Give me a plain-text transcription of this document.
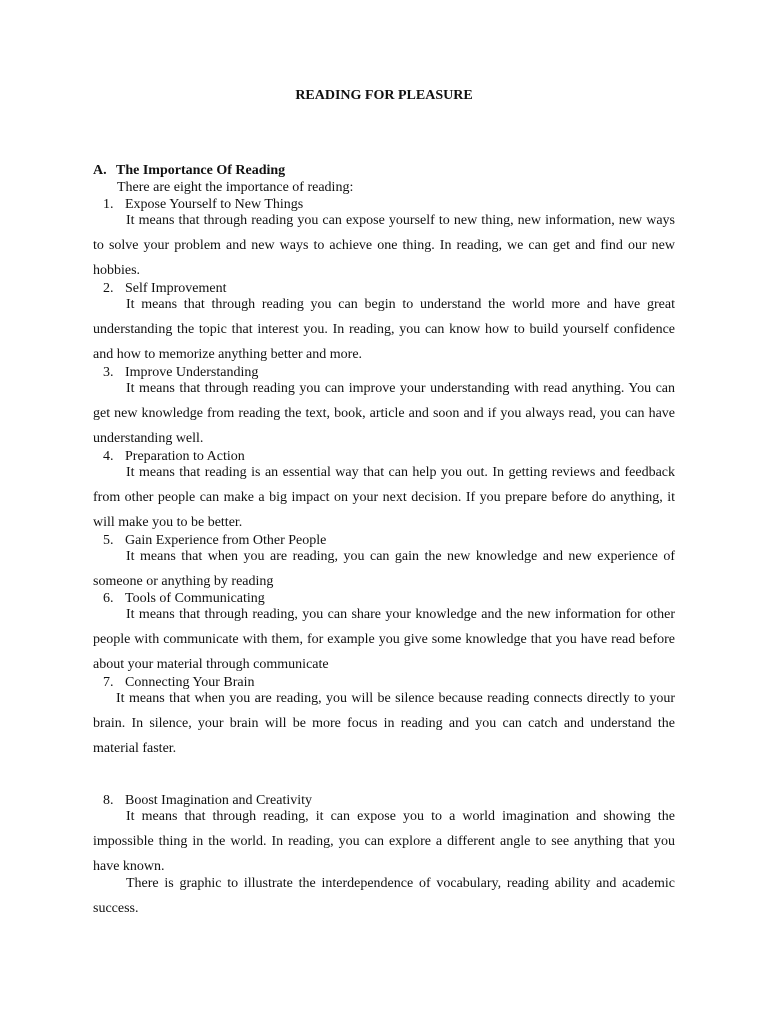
READING FOR PLEASURE
A. The Importance Of Reading
There are eight the importance of reading:
1. Expose Yourself to New Things
It means that through reading you can expose yourself to new thing, new information, new ways to solve your problem and new ways to achieve one thing. In reading, we can get and find our new hobbies.
2. Self Improvement
It means that through reading you can begin to understand the world more and have great understanding the topic that interest you. In reading, you can know how to build yourself confidence and how to memorize anything better and more.
3. Improve Understanding
It means that through reading you can improve your understanding with read anything. You can get new knowledge from reading the text, book, article and soon and if you always read, you can have understanding well.
4. Preparation to Action
It means that reading is an essential way that can help you out. In getting reviews and feedback from other people can make a big impact on your next decision. If you prepare before do anything, it will make you to be better.
5. Gain Experience from Other People
It means that when you are reading, you can gain the new knowledge and new experience of someone or anything by reading
6. Tools of Communicating
It means that through reading, you can share your knowledge and the new information for other people with communicate with them, for example you give some knowledge that you have read before about your material through communicate
7. Connecting Your Brain
It means that when you are reading, you will be silence because reading connects directly to your brain. In silence, your brain will be more focus in reading and you can catch and understand the material faster.
8. Boost Imagination and Creativity
It means that through reading, it can expose you to a world imagination and showing the impossible thing in the world. In reading, you can explore a different angle to see anything that you have known.
There is graphic to illustrate the interdependence of vocabulary, reading ability and academic success.
